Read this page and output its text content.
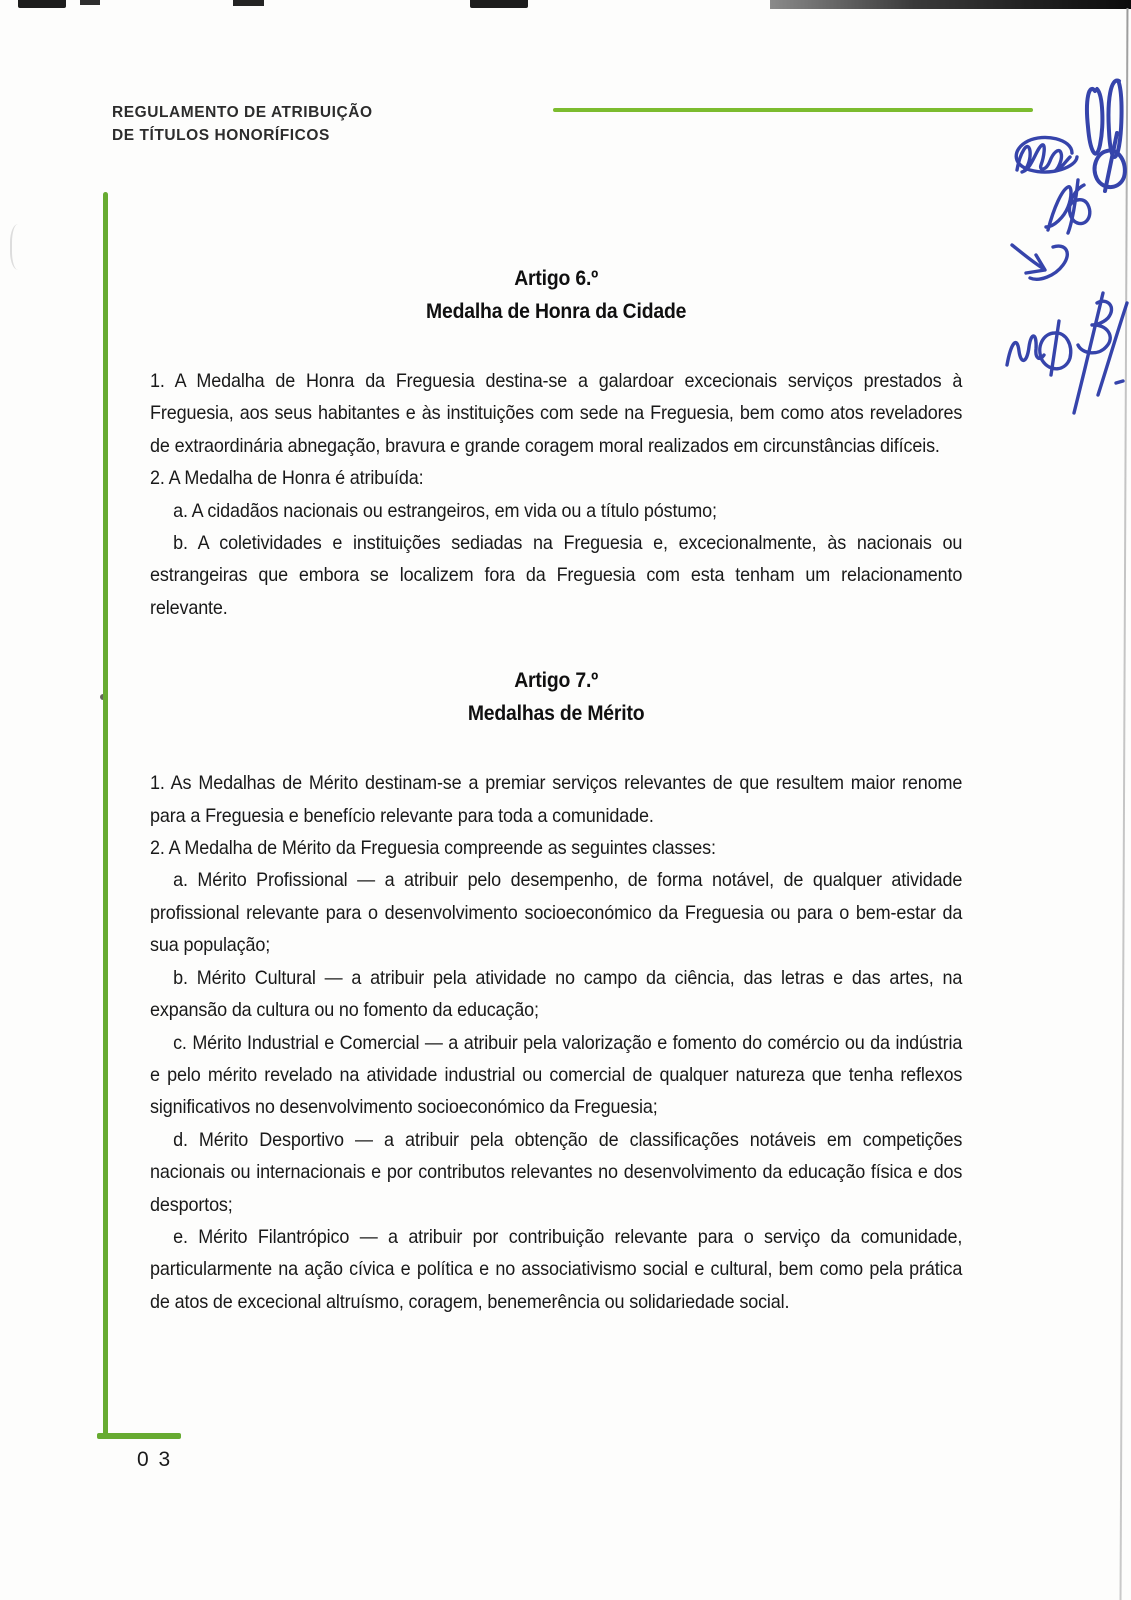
REGULAMENTO DE ATRIBUIÇÃO
DE TÍTULOS HONORÍFICOS
Artigo 6.º
Medalha de Honra da Cidade

1. A Medalha de Honra da Freguesia destina-se a galardoar excecionais serviços prestados à Freguesia, aos seus habitantes e às instituições com sede na Freguesia, bem como atos reveladores de extraordinária abnegação, bravura e grande coragem moral realizados em circunstâncias difíceis.

2. A Medalha de Honra é atribuída:

a. A cidadãos nacionais ou estrangeiros, em vida ou a título póstumo;

b. A coletividades e instituições sediadas na Freguesia e, excecionalmente, às nacionais ou estrangeiras que embora se localizem fora da Freguesia com esta tenham um relacionamento relevante.

Artigo 7.º
Medalhas de Mérito

1. As Medalhas de Mérito destinam-se a premiar serviços relevantes de que resultem maior renome para a Freguesia e benefício relevante para toda a comunidade.

2. A Medalha de Mérito da Freguesia compreende as seguintes classes:

a. Mérito Profissional — a atribuir pelo desempenho, de forma notável, de qualquer atividade profissional relevante para o desenvolvimento socioeconómico da Freguesia ou para o bem-estar da sua população;

b. Mérito Cultural — a atribuir pela atividade no campo da ciência, das letras e das artes, na expansão da cultura ou no fomento da educação;

c. Mérito Industrial e Comercial — a atribuir pela valorização e fomento do comércio ou da indústria e pelo mérito revelado na atividade industrial ou comercial de qualquer natureza que tenha reflexos significativos no desenvolvimento socioeconómico da Freguesia;

d. Mérito Desportivo — a atribuir pela obtenção de classificações notáveis em competições nacionais ou internacionais e por contributos relevantes no desenvolvimento da educação física e dos desportos;

e. Mérito Filantrópico — a atribuir por contribuição relevante para o serviço da comunidade, particularmente na ação cívica e política e no associativismo social e cultural, bem como pela prática de atos de excecional altruísmo, coragem, benemerência ou solidariedade social.

0 3
